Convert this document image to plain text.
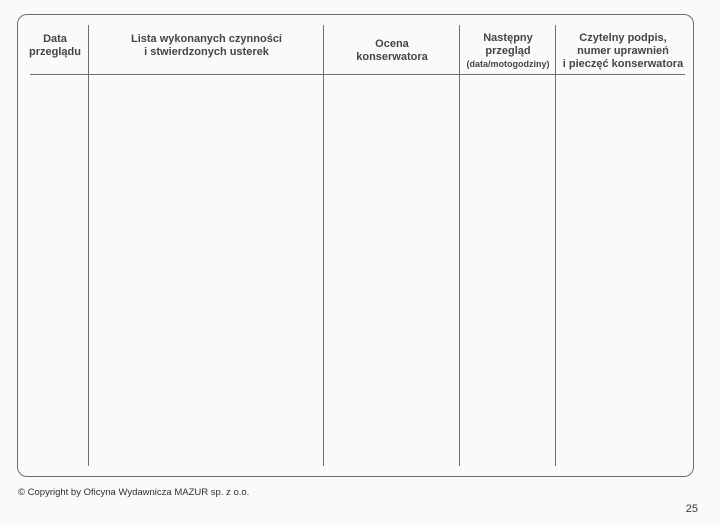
Data
przeglądu
Lista wykonanych czynności
i stwierdzonych usterek
Ocena
konserwatora
Następny
przegląd
(data/motogodziny)
Czytelny podpis,
numer uprawnień
i pieczęć konserwatora
© Copyright by Oficyna Wydawnicza MAZUR sp. z o.o.
25
